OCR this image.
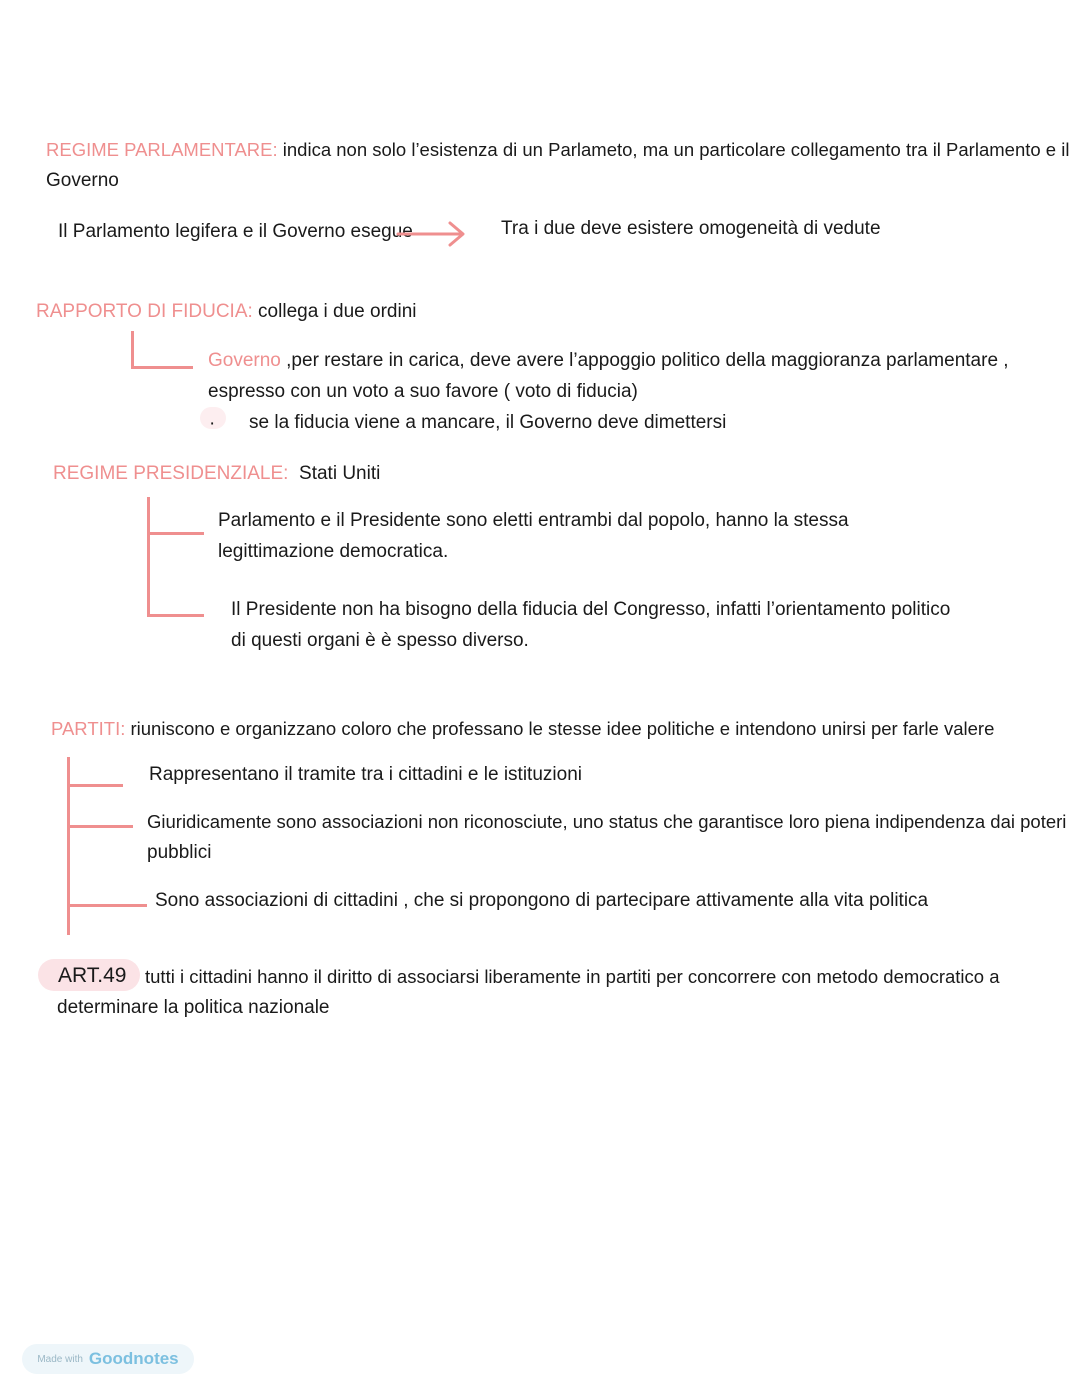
REGIME PARLAMENTARE: indica non solo l’esistenza di un Parlameto, ma un particolare collegamento tra il Parlamento e il
Governo
Il Parlamento legifera e il Governo esegue	Tra i due deve esistere omogeneità di vedute
RAPPORTO DI FIDUCIA: collega i due ordini
Governo ,per restare in carica, deve avere l’appoggio politico della maggioranza parlamentare ,
espresso con un voto a suo favore ( voto di fiducia)
· se la fiducia viene a mancare, il Governo deve dimettersi
REGIME PRESIDENZIALE: Stati Uniti
Parlamento e il Presidente sono eletti entrambi dal popolo, hanno la stessa
legittimazione democratica.
Il Presidente non ha bisogno della fiducia del Congresso, infatti l’orientamento politico
di questi organi è è spesso diverso.
PARTITI: riuniscono e organizzano coloro che professano le stesse idee politiche e intendono unirsi per farle valere
Rappresentano il tramite tra i cittadini e le istituzioni
Giuridicamente sono associazioni non riconosciute, uno status che garantisce loro piena indipendenza dai poteri
pubblici
Sono associazioni di cittadini , che si propongono di partecipare attivamente alla vita politica
ART.49 tutti i cittadini hanno il diritto di associarsi liberamente in partiti per concorrere con metodo democratico a
determinare la politica nazionale
Made with Goodnotes
